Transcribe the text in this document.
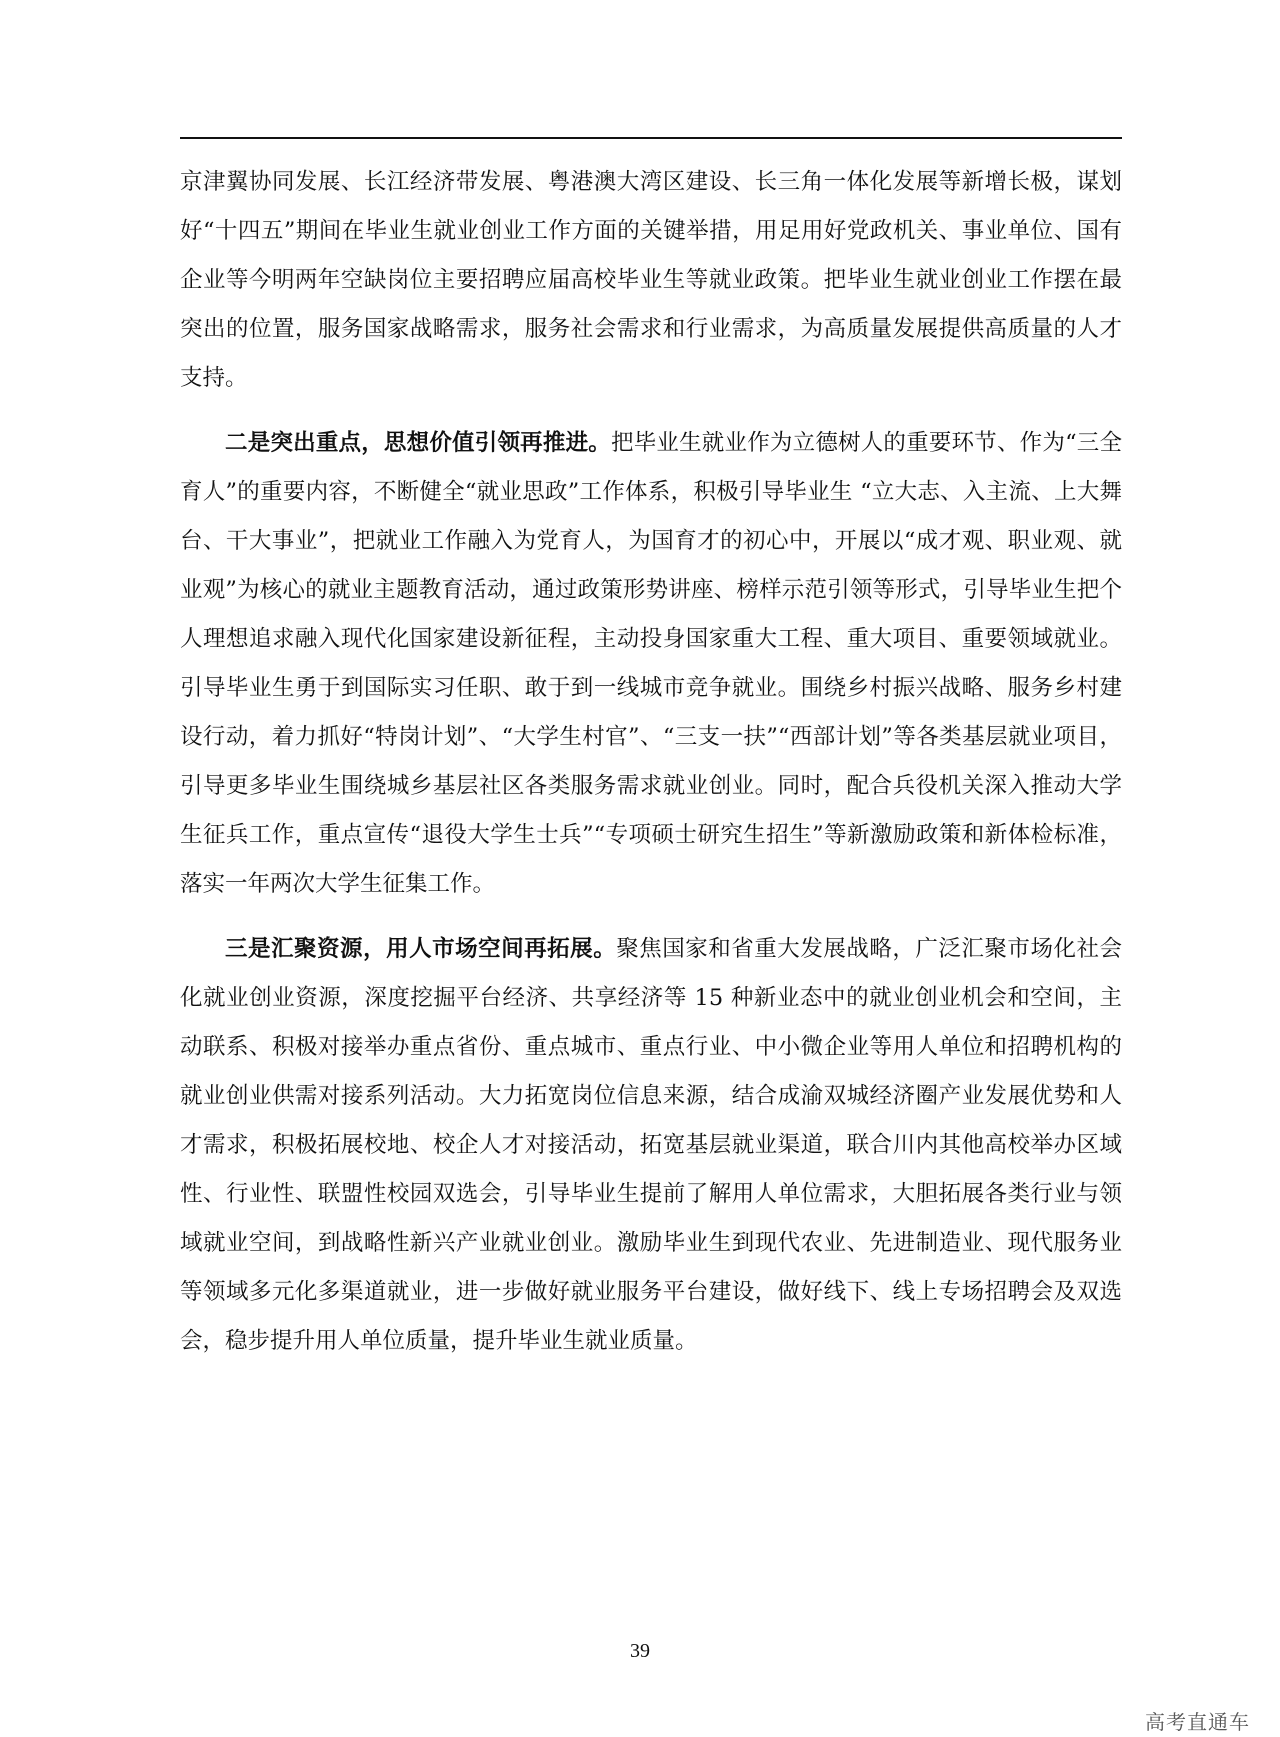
京津翼协同发展、长江经济带发展、粤港澳大湾区建设、长三角一体化发展等新增长极，谋划好“十四五”期间在毕业生就业创业工作方面的关键举措，用足用好党政机关、事业单位、国有企业等今明两年空缺岗位主要招聘应届高校毕业生等就业政策。把毕业生就业创业工作摆在最突出的位置，服务国家战略需求，服务社会需求和行业需求，为高质量发展提供高质量的人才支持。

二是突出重点，思想价值引领再推进。把毕业生就业作为立德树人的重要环节、作为“三全育人”的重要内容，不断健全“就业思政”工作体系，积极引导毕业生 “立大志、入主流、上大舞台、干大事业”，把就业工作融入为党育人，为国育才的初心中，开展以“成才观、职业观、就业观”为核心的就业主题教育活动，通过政策形势讲座、榜样示范引领等形式，引导毕业生把个人理想追求融入现代化国家建设新征程，主动投身国家重大工程、重大项目、重要领域就业。引导毕业生勇于到国际实习任职、敢于到一线城市竞争就业。围绕乡村振兴战略、服务乡村建设行动，着力抓好“特岗计划”、“大学生村官”、“三支一扶”“西部计划”等各类基层就业项目，引导更多毕业生围绕城乡基层社区各类服务需求就业创业。同时，配合兵役机关深入推动大学生征兵工作，重点宣传“退役大学生士兵”“专项硕士研究生招生”等新激励政策和新体检标准，落实一年两次大学生征集工作。

三是汇聚资源，用人市场空间再拓展。聚焦国家和省重大发展战略，广泛汇聚市场化社会化就业创业资源，深度挖掘平台经济、共享经济等 15 种新业态中的就业创业机会和空间，主动联系、积极对接举办重点省份、重点城市、重点行业、中小微企业等用人单位和招聘机构的就业创业供需对接系列活动。大力拓宽岗位信息来源，结合成渝双城经济圈产业发展优势和人才需求，积极拓展校地、校企人才对接活动，拓宽基层就业渠道，联合川内其他高校举办区域性、行业性、联盟性校园双选会，引导毕业生提前了解用人单位需求，大胆拓展各类行业与领域就业空间，到战略性新兴产业就业创业。激励毕业生到现代农业、先进制造业、现代服务业等领域多元化多渠道就业，进一步做好就业服务平台建设，做好线下、线上专场招聘会及双选会，稳步提升用人单位质量，提升毕业生就业质量。

39
高考直通车
